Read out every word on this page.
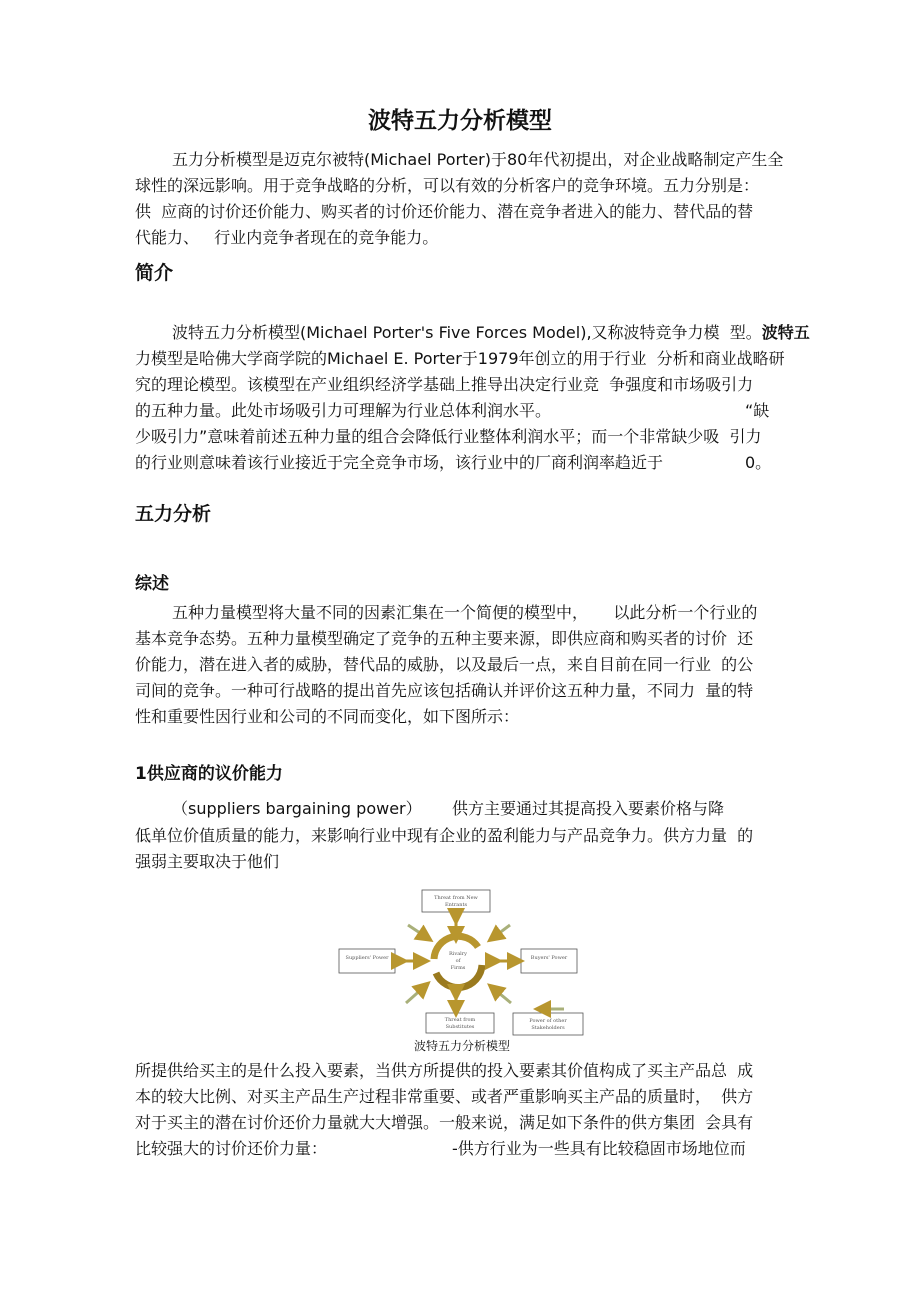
波特五力分析模型
五力分析模型是迈克尔被特(Michael Porter)于80年代初提出，对企业战略制定产生全
球性的深远影响。用于竞争战略的分析，可以有效的分析客户的竞争环境。五力分别是：
供  应商的讨价还价能力、购买者的讨价还价能力、潜在竞争者进入的能力、替代品的替
代能力、   行业内竞争者现在的竞争能力。
简介
波特五力分析模型(Michael Porter's Five Forces Model),又称波特竞争力模  型。波特五
力模型是哈佛大学商学院的Michael E. Porter于1979年创立的用于行业  分析和商业战略研
究的理论模型。该模型在产业组织经济学基础上推导出决定行业竞  争强度和市场吸引力
的五种力量。此处市场吸引力可理解为行业总体利润水平。	“缺
少吸引力”意味着前述五种力量的组合会降低行业整体利润水平；而一个非常缺少吸  引力
的行业则意味着该行业接近于完全竞争市场，该行业中的厂商利润率趋近于	0。
五力分析
综述
五种力量模型将大量不同的因素汇集在一个简便的模型中，     以此分析一个行业的
基本竞争态势。五种力量模型确定了竞争的五种主要来源，即供应商和购买者的讨价  还
价能力，潜在进入者的威胁，替代品的威胁，以及最后一点，来自目前在同一行业  的公
司间的竞争。一种可行战略的提出首先应该包括确认并评价这五种力量，不同力  量的特
性和重要性因行业和公司的不同而变化，如下图所示：
1供应商的议价能力
（suppliers bargaining power） 供方主要通过其提高投入要素价格与降
低单位价值质量的能力，来影响行业中现有企业的盈利能力与产品竞争力。供方力量  的
强弱主要取决于他们
Threat from New
Entrants
Suppliers' Power	Buyers' Power
Threat from
Substitutes
Power of other
Stakeholders
Rivalry
of
Firms
波特五力分析模型
所提供给买主的是什么投入要素，当供方所提供的投入要素其价值构成了买主产品总  成
本的较大比例、对买主产品生产过程非常重要、或者严重影响买主产品的质量时，  供方
对于买主的潜在讨价还价力量就大大增强。一般来说，满足如下条件的供方集团  会具有
比较强大的讨价还价力量：	-供方行业为一些具有比较稳固市场地位而
